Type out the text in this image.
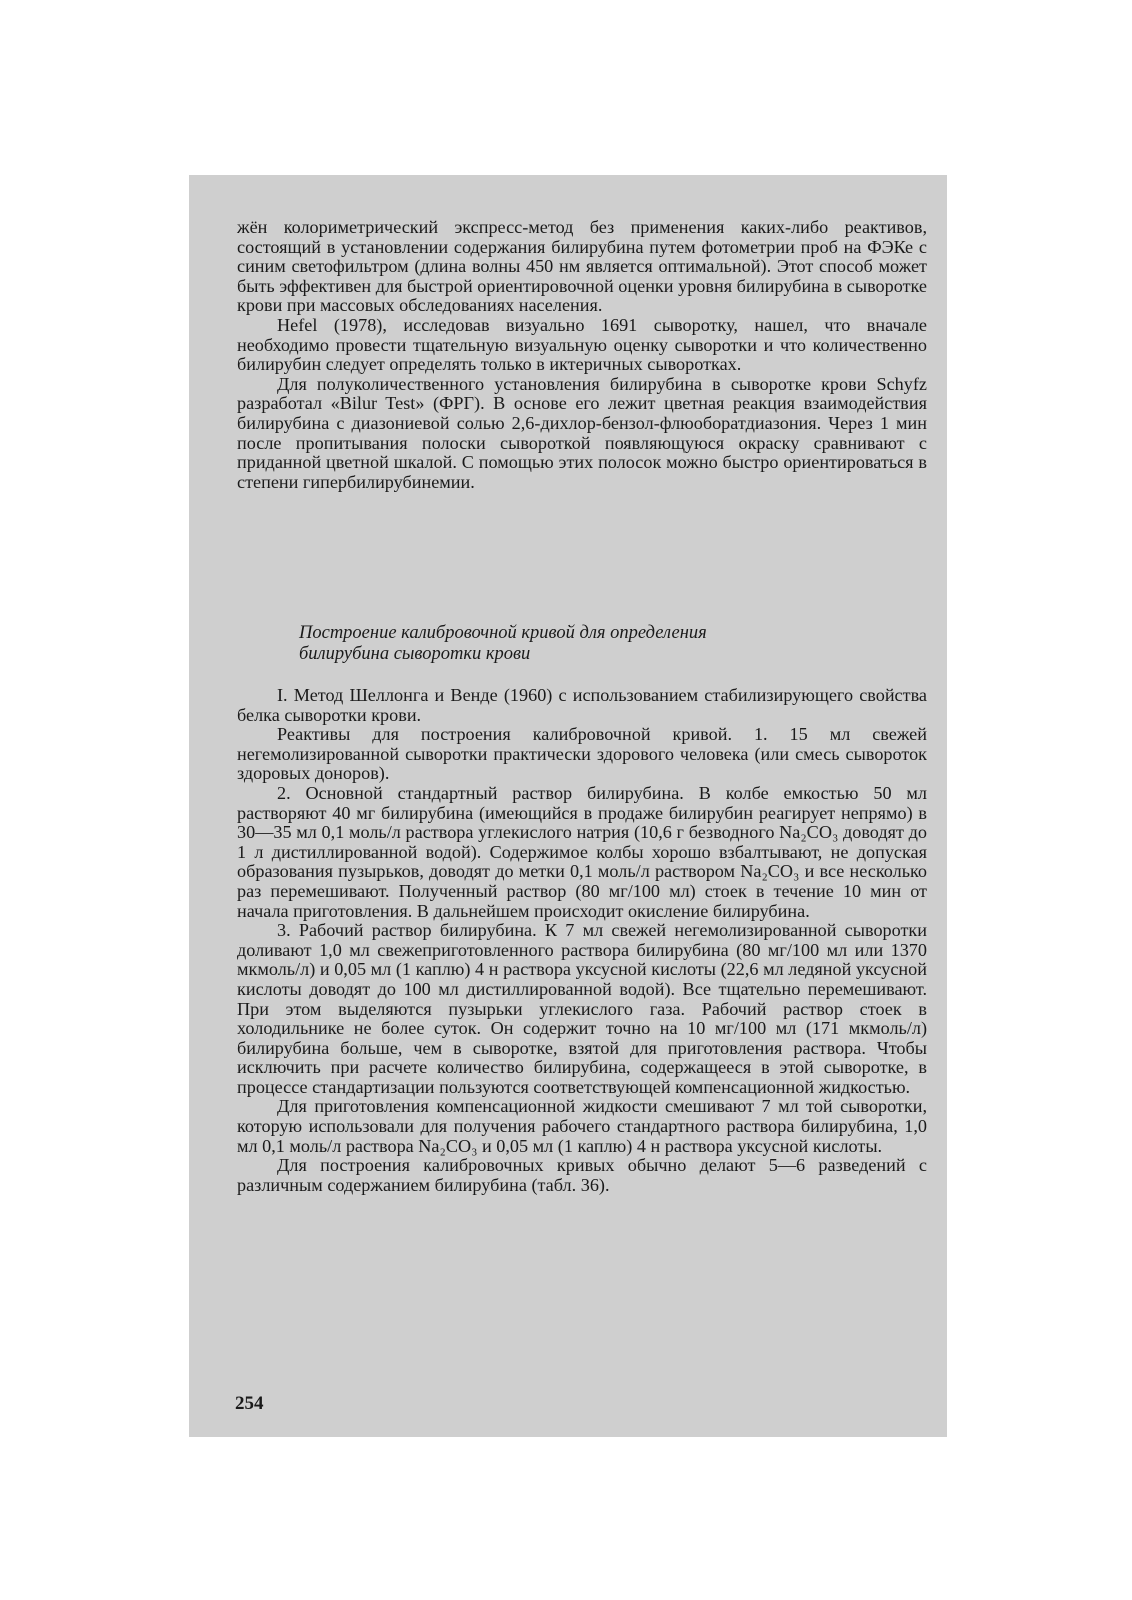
жён колориметрический экспресс-метод без применения каких-либо реактивов, состоящий в установлении содержания билирубина путем фотометрии проб на ФЭКе с синим светофильтром (длина волны 450 нм является оптимальной). Этот способ может быть эффективен для быстрой ориентировочной оценки уровня билирубина в сыворотке крови при массовых обследованиях населения.

Hefel (1978), исследовав визуально 1691 сыворотку, нашел, что вначале необходимо провести тщательную визуальную оценку сыворотки и что количественно билирубин следует определять только в иктеричных сыворотках.

Для полуколичественного установления билирубина в сыворотке крови Schyfz разработал «Bilur Test» (ФРГ). В основе его лежит цветная реакция взаимодействия билирубина с диазониевой солью 2,6-дихлор-бензол-флюоборатдиазония. Через 1 мин после пропитывания полоски сывороткой появляющуюся окраску сравнивают с приданной цветной шкалой. С помощью этих полосок можно быстро ориентироваться в степени гипербилирубинемии.

Построение калибровочной кривой для определения
билирубина сыворотки крови

I. Метод Шеллонга и Венде (1960) с использованием стабилизирующего свойства белка сыворотки крови.

Реактивы для построения калибровочной кривой. 1. 15 мл свежей негемолизированной сыворотки практически здорового человека (или смесь сывороток здоровых доноров).

2. Основной стандартный раствор билирубина. В колбе емкостью 50 мл растворяют 40 мг билирубина (имеющийся в продаже билирубин реагирует непрямо) в 30—35 мл 0,1 моль/л раствора углекислого натрия (10,6 г безводного Na₂CO₃ доводят до 1 л дистиллированной водой). Содержимое колбы хорошо взбалтывают, не допуская образования пузырьков, доводят до метки 0,1 моль/л раствором Na₂CO₃ и все несколько раз перемешивают. Полученный раствор (80 мг/100 мл) стоек в течение 10 мин от начала приготовления. В дальнейшем происходит окисление билирубина.

3. Рабочий раствор билирубина. К 7 мл свежей негемолизированной сыворотки доливают 1,0 мл свежеприготовленного раствора билирубина (80 мг/100 мл или 1370 мкмоль/л) и 0,05 мл (1 каплю) 4 н раствора уксусной кислоты (22,6 мл ледяной уксусной кислоты доводят до 100 мл дистиллированной водой). Все тщательно перемешивают. При этом выделяются пузырьки углекислого газа. Рабочий раствор стоек в холодильнике не более суток. Он содержит точно на 10 мг/100 мл (171 мкмоль/л) билирубина больше, чем в сыворотке, взятой для приготовления раствора. Чтобы исключить при расчете количество билирубина, содержащееся в этой сыворотке, в процессе стандартизации пользуются соответствующей компенсационной жидкостью.

Для приготовления компенсационной жидкости смешивают 7 мл той сыворотки, которую использовали для получения рабочего стандартного раствора билирубина, 1,0 мл 0,1 моль/л раствора Na₂CO₃ и 0,05 мл (1 каплю) 4 н раствора уксусной кислоты.

Для построения калибровочных кривых обычно делают 5—6 разведений с различным содержанием билирубина (табл. 36).

254
